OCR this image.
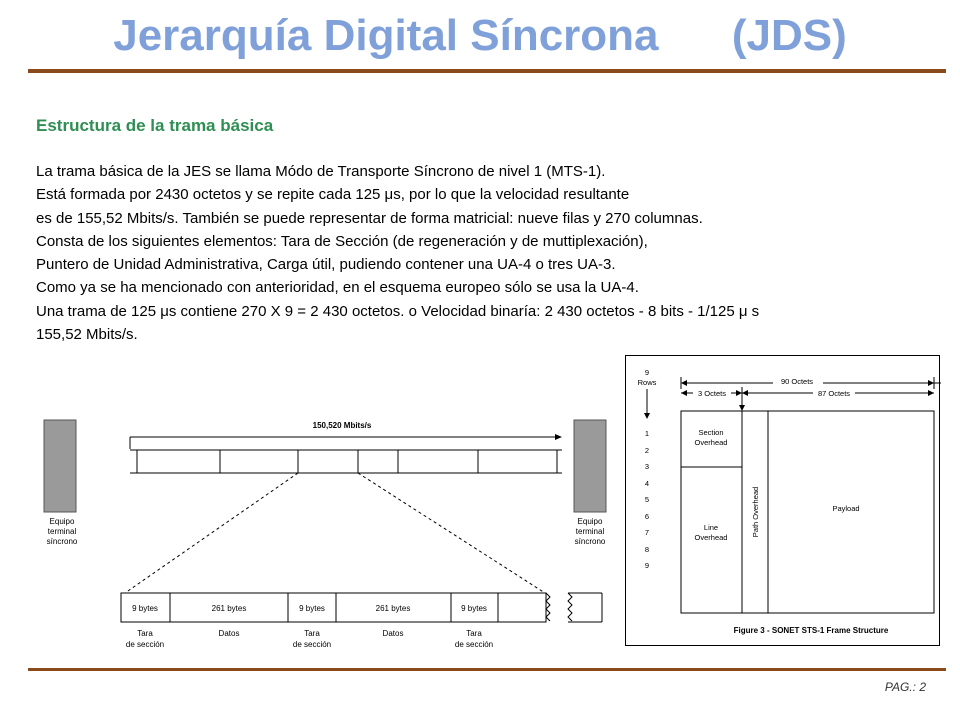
Jerarquía Digital Síncrona      (JDS)
Estructura de la trama básica
La trama básica de la JES se llama Módo de Transporte Síncrono de nivel 1 (MTS-1).
Está formada por 2430 octetos y se repite cada 125 μs, por lo que la velocidad resultante
es de 155,52 Mbits/s. También se puede representar de forma matricial: nueve filas y 270 columnas.
Consta de los siguientes elementos: Tara de Sección (de regeneración y de muttiplexación),
Puntero de Unidad Administrativa, Carga útil, pudiendo contener una UA-4 o tres UA-3.
Como ya se ha mencionado con anterioridad, en el esquema europeo sólo se usa la UA-4.
Una trama de 125 μs contiene 270 X 9 = 2 430 octetos. o Velocidad binaría: 2 430 octetos - 8 bits - 1/125 μ s
155,52 Mbits/s.
Equipo
terminal
síncrono
Equipo
terminal
síncrono
150,520 Mbits/s
9 bytes	261 bytes	9 bytes	261 bytes	9 bytes
Tara
de sección
Datos	Tara
de sección
Datos	Tara
de sección
9
Rows	90 Octets
3 Octets	87 Octets
Section
Overhead
Line
Overhead
Path Overhead	Payload
1
2
3
4
5
6
7
8
9
Figure 3 - SONET STS-1 Frame Structure
PAG.: 2
